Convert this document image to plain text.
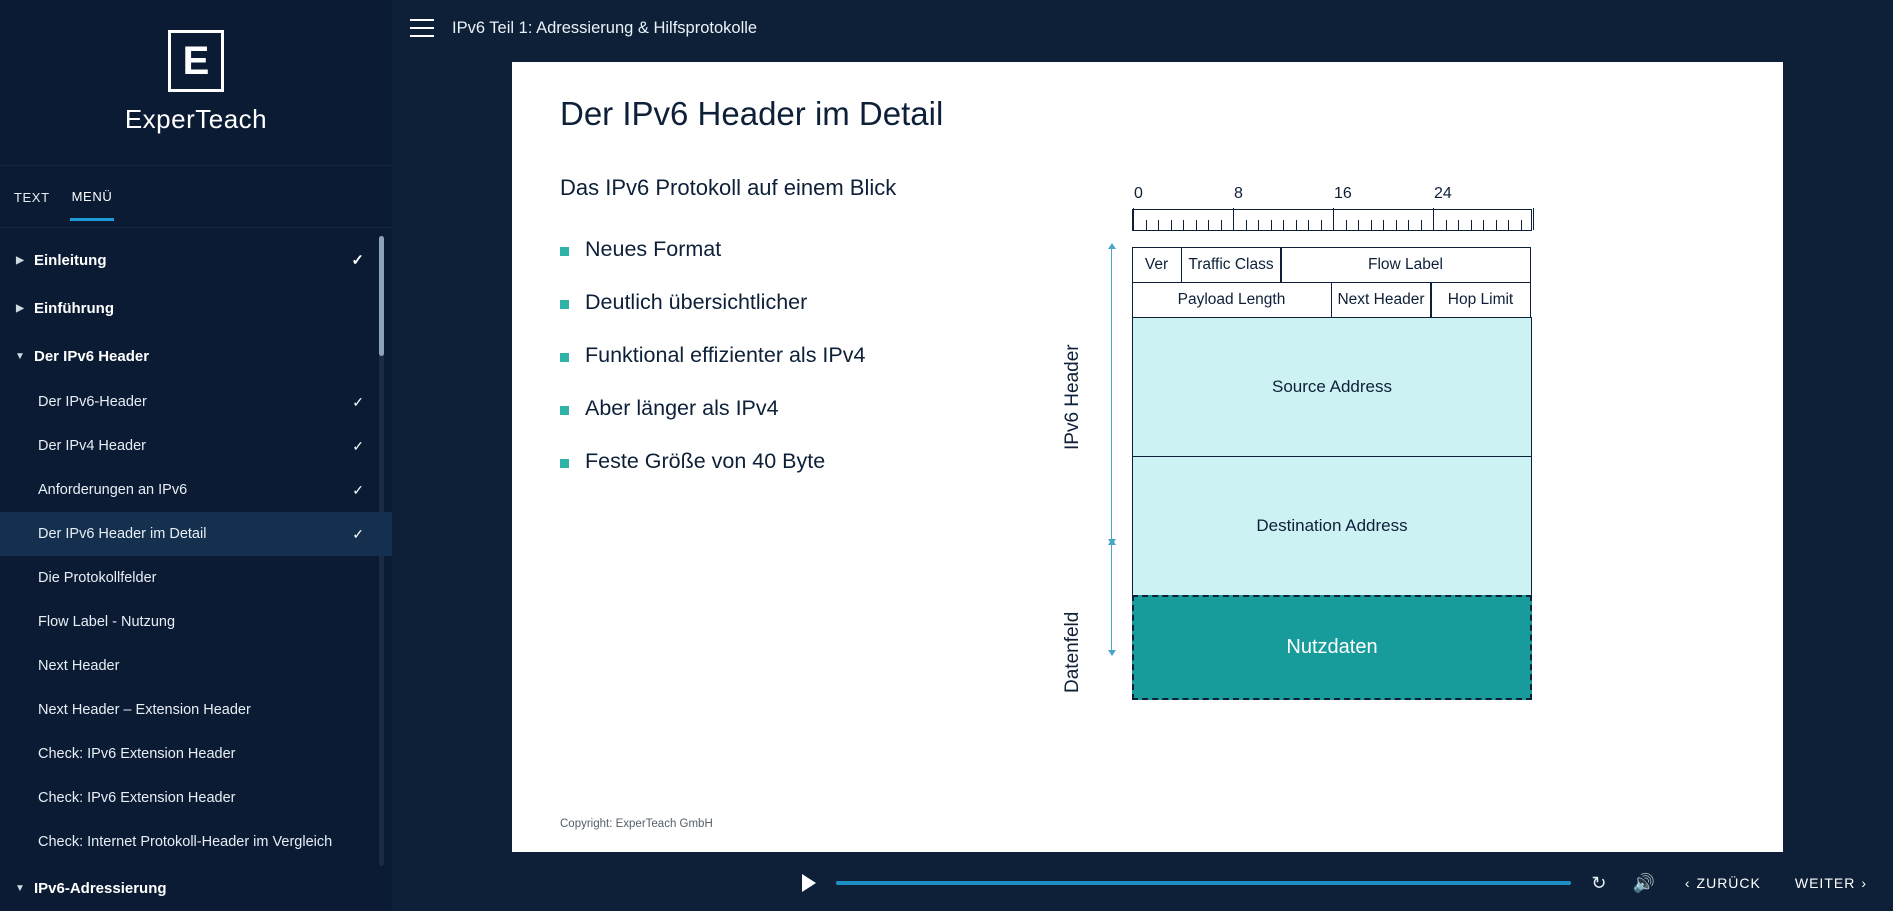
E
ExperTeach
TEXT MENÜ
▶ Einleitung	✓
▶ Einführung
▼ Der IPv6 Header
Der IPv6-Header	✓
Der IPv4 Header	✓
Anforderungen an IPv6	✓
Der IPv6 Header im Detail	✓
Die Protokollfelder
Flow Label - Nutzung
Next Header
Next Header – Extension Header
Check: IPv6 Extension Header
Check: IPv6 Extension Header
Check: Internet Protokoll-Header im Vergleich
▼ IPv6-Adressierung
IPv6 Teil 1: Adressierung & Hilfsprotokolle
↻	🔊	‹ ZURÜCK WEITER ›
Der IPv6 Header im Detail
Das IPv6 Protokoll auf einem Blick
Neues Format
Deutlich übersichtlicher
Funktional effizienter als IPv4
Aber länger als IPv4
Feste Größe von 40 Byte
0	8	16	24
IPv6 Header
Datenfeld
Ver	Traffic Class	Flow Label
Payload Length	Next Header	Hop Limit
Source Address
Destination Address
Nutzdaten
Copyright: ExperTeach GmbH
